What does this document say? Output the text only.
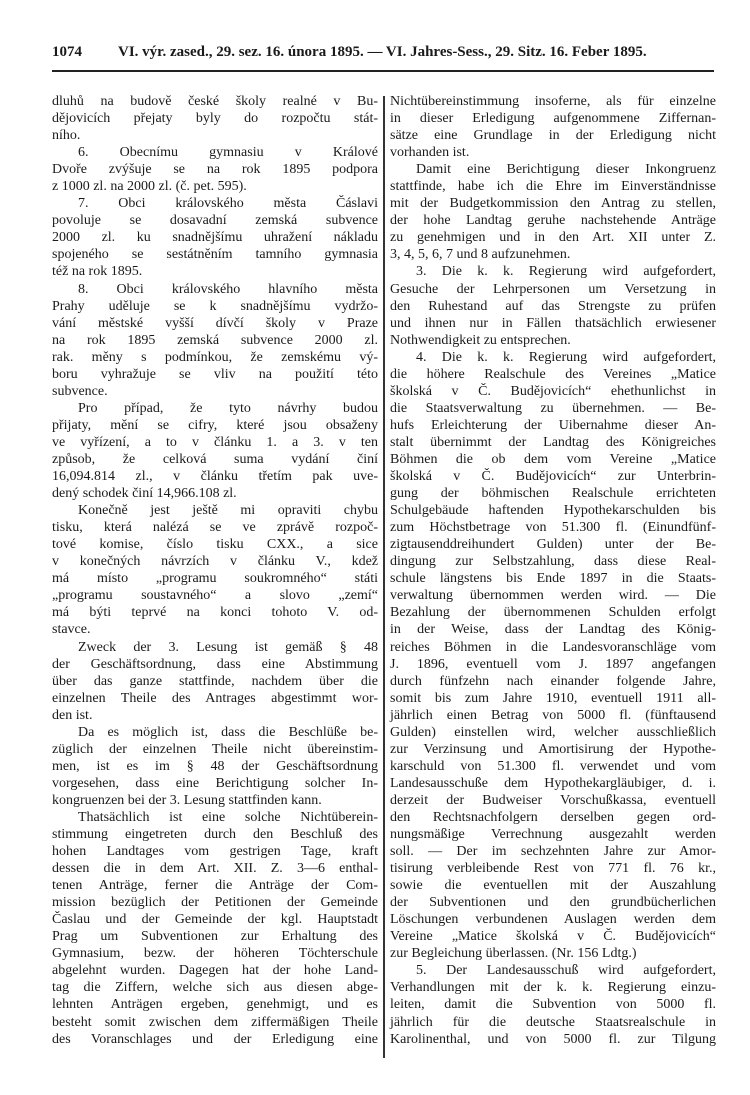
1074 VI. výr. zased., 29. sez. 16. února 1895. — VI. Jahres-Sess., 29. Sitz. 16. Feber 1895.
dluhů na budově české školy realné v Bu-
dějovicích přejaty byly do rozpočtu stát-
ního.
6. Obecnímu gymnasiu v Králové
Dvoře zvýšuje se na rok 1895 podpora
z 1000 zl. na 2000 zl. (č. pet. 595).
7. Obci královského města Čáslavi
povoluje se dosavadní zemská subvence
2000 zl. ku snadnějšímu uhražení nákladu
spojeného se sestátněním tamního gymnasia
též na rok 1895.
8. Obci královského hlavního města
Prahy uděluje se k snadnějšímu vydržo-
vání městské vyšší dívčí školy v Praze
na rok 1895 zemská subvence 2000 zl.
rak. měny s podmínkou, že zemskému vý-
boru vyhražuje se vliv na použití této
subvence.
Pro případ, že tyto návrhy budou
přijaty, mění se cifry, které jsou obsaženy
ve vyřízení, a to v článku 1. a 3. v ten
způsob, že celková suma vydání činí
16,094.814 zl., v článku třetím pak uve-
dený schodek činí 14,966.108 zl.
Konečně jest ještě mi opraviti chybu
tisku, která nalézá se ve zprávě rozpoč-
tové komise, číslo tisku CXX., a sice
v konečných návrzích v článku V., kdež
má místo „programu soukromného“ státi
„programu soustavného“ a slovo „zemí“
má býti teprvé na konci tohoto V. od-
stavce.
Zweck der 3. Lesung ist gemäß § 48
der Geschäftsordnung, dass eine Abstimmung
über das ganze stattfinde, nachdem über die
einzelnen Theile des Antrages abgestimmt wor-
den ist.
Da es möglich ist, dass die Beschlüße be-
züglich der einzelnen Theile nicht übereinstim-
men, ist es im § 48 der Geschäftsordnung
vorgesehen, dass eine Berichtigung solcher In-
kongruenzen bei der 3. Lesung stattfinden kann.
Thatsächlich ist eine solche Nichtüberein-
stimmung eingetreten durch den Beschluß des
hohen Landtages vom gestrigen Tage, kraft
dessen die in dem Art. XII. Z. 3—6 enthal-
tenen Anträge, ferner die Anträge der Com-
mission bezüglich der Petitionen der Gemeinde
Časlau und der Gemeinde der kgl. Hauptstadt
Prag um Subventionen zur Erhaltung des
Gymnasium, bezw. der höheren Töchterschule
abgelehnt wurden. Dagegen hat der hohe Land-
tag die Ziffern, welche sich aus diesen abge-
lehnten Anträgen ergeben, genehmigt, und es
besteht somit zwischen dem ziffermäßigen Theile
des Voranschlages und der Erledigung eine
Nichtübereinstimmung insoferne, als für einzelne
in dieser Erledigung aufgenommene Ziffernan-
sätze eine Grundlage in der Erledigung nicht
vorhanden ist.
Damit eine Berichtigung dieser Inkongruenz
stattfinde, habe ich die Ehre im Einverständnisse
mit der Budgetkommission den Antrag zu stellen,
der hohe Landtag geruhe nachstehende Anträge
zu genehmigen und in den Art. XII unter Z.
3, 4, 5, 6, 7 und 8 aufzunehmen.
3. Die k. k. Regierung wird aufgefordert,
Gesuche der Lehrpersonen um Versetzung in
den Ruhestand auf das Strengste zu prüfen
und ihnen nur in Fällen thatsächlich erwiesener
Nothwendigkeit zu entsprechen.
4. Die k. k. Regierung wird aufgefordert,
die höhere Realschule des Vereines „Matice
školská v Č. Budějovicích“ ehethunlichst in
die Staatsverwaltung zu übernehmen. — Be-
hufs Erleichterung der Uibernahme dieser An-
stalt übernimmt der Landtag des Königreiches
Böhmen die ob dem vom Vereine „Matice
školská v Č. Budějovicích“ zur Unterbrin-
gung der böhmischen Realschule errichteten
Schulgebäude haftenden Hypothekarschulden bis
zum Höchstbetrage von 51.300 fl. (Einundfünf-
zigtausenddreihundert Gulden) unter der Be-
dingung zur Selbstzahlung, dass diese Real-
schule längstens bis Ende 1897 in die Staats-
verwaltung übernommen werden wird. — Die
Bezahlung der übernommenen Schulden erfolgt
in der Weise, dass der Landtag des König-
reiches Böhmen in die Landesvoranschläge vom
J. 1896, eventuell vom J. 1897 angefangen
durch fünfzehn nach einander folgende Jahre,
somit bis zum Jahre 1910, eventuell 1911 all-
jährlich einen Betrag von 5000 fl. (fünftausend
Gulden) einstellen wird, welcher ausschließlich
zur Verzinsung und Amortisirung der Hypothe-
karschuld von 51.300 fl. verwendet und vom
Landesausschuße dem Hypothekargläubiger, d. i.
derzeit der Budweiser Vorschußkassa, eventuell
den Rechtsnachfolgern derselben gegen ord-
nungsmäßige Verrechnung ausgezahlt werden
soll. — Der im sechzehnten Jahre zur Amor-
tisirung verbleibende Rest von 771 fl. 76 kr.,
sowie die eventuellen mit der Auszahlung
der Subventionen und den grundbücherlichen
Löschungen verbundenen Auslagen werden dem
Vereine „Matice školská v Č. Budějovicích“
zur Begleichung überlassen. (Nr. 156 Ldtg.)
5. Der Landesausschuß wird aufgefordert,
Verhandlungen mit der k. k. Regierung einzu-
leiten, damit die Subvention von 5000 fl.
jährlich für die deutsche Staatsrealschule in
Karolinenthal, und von 5000 fl. zur Tilgung
